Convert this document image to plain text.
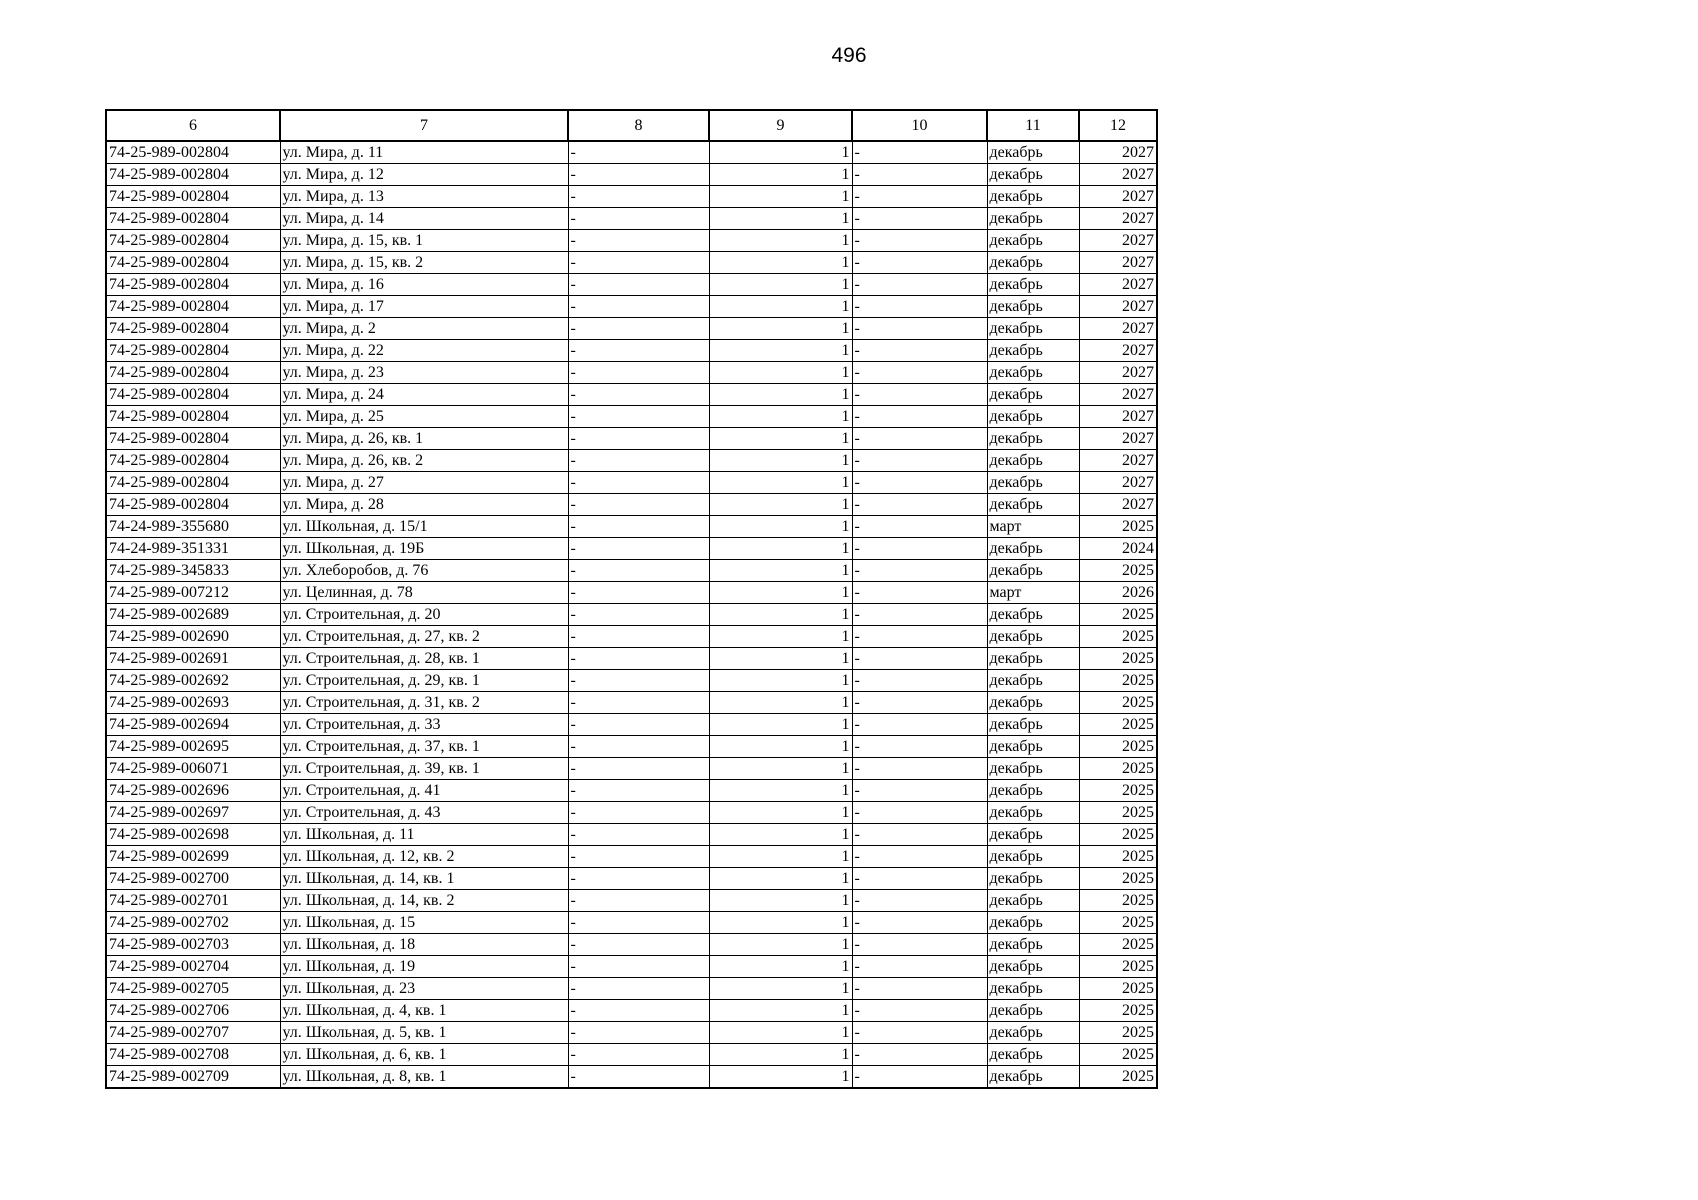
496
6	7	8	9	10	11	12
74-25-989-002804	ул. Мира, д. 11	-	1	-	декабрь	2027
74-25-989-002804	ул. Мира, д. 12	-	1	-	декабрь	2027
74-25-989-002804	ул. Мира, д. 13	-	1	-	декабрь	2027
74-25-989-002804	ул. Мира, д. 14	-	1	-	декабрь	2027
74-25-989-002804	ул. Мира, д. 15, кв. 1	-	1	-	декабрь	2027
74-25-989-002804	ул. Мира, д. 15, кв. 2	-	1	-	декабрь	2027
74-25-989-002804	ул. Мира, д. 16	-	1	-	декабрь	2027
74-25-989-002804	ул. Мира, д. 17	-	1	-	декабрь	2027
74-25-989-002804	ул. Мира, д. 2	-	1	-	декабрь	2027
74-25-989-002804	ул. Мира, д. 22	-	1	-	декабрь	2027
74-25-989-002804	ул. Мира, д. 23	-	1	-	декабрь	2027
74-25-989-002804	ул. Мира, д. 24	-	1	-	декабрь	2027
74-25-989-002804	ул. Мира, д. 25	-	1	-	декабрь	2027
74-25-989-002804	ул. Мира, д. 26, кв. 1	-	1	-	декабрь	2027
74-25-989-002804	ул. Мира, д. 26, кв. 2	-	1	-	декабрь	2027
74-25-989-002804	ул. Мира, д. 27	-	1	-	декабрь	2027
74-25-989-002804	ул. Мира, д. 28	-	1	-	декабрь	2027
74-24-989-355680	ул. Школьная, д. 15/1	-	1	-	март	2025
74-24-989-351331	ул. Школьная, д. 19Б	-	1	-	декабрь	2024
74-25-989-345833	ул. Хлеборобов, д. 76	-	1	-	декабрь	2025
74-25-989-007212	ул. Целинная, д. 78	-	1	-	март	2026
74-25-989-002689	ул. Строительная, д. 20	-	1	-	декабрь	2025
74-25-989-002690	ул. Строительная, д. 27, кв. 2	-	1	-	декабрь	2025
74-25-989-002691	ул. Строительная, д. 28, кв. 1	-	1	-	декабрь	2025
74-25-989-002692	ул. Строительная, д. 29, кв. 1	-	1	-	декабрь	2025
74-25-989-002693	ул. Строительная, д. 31, кв. 2	-	1	-	декабрь	2025
74-25-989-002694	ул. Строительная, д. 33	-	1	-	декабрь	2025
74-25-989-002695	ул. Строительная, д. 37, кв. 1	-	1	-	декабрь	2025
74-25-989-006071	ул. Строительная, д. 39, кв. 1	-	1	-	декабрь	2025
74-25-989-002696	ул. Строительная, д. 41	-	1	-	декабрь	2025
74-25-989-002697	ул. Строительная, д. 43	-	1	-	декабрь	2025
74-25-989-002698	ул. Школьная, д. 11	-	1	-	декабрь	2025
74-25-989-002699	ул. Школьная, д. 12, кв. 2	-	1	-	декабрь	2025
74-25-989-002700	ул. Школьная, д. 14, кв. 1	-	1	-	декабрь	2025
74-25-989-002701	ул. Школьная, д. 14, кв. 2	-	1	-	декабрь	2025
74-25-989-002702	ул. Школьная, д. 15	-	1	-	декабрь	2025
74-25-989-002703	ул. Школьная, д. 18	-	1	-	декабрь	2025
74-25-989-002704	ул. Школьная, д. 19	-	1	-	декабрь	2025
74-25-989-002705	ул. Школьная, д. 23	-	1	-	декабрь	2025
74-25-989-002706	ул. Школьная, д. 4, кв. 1	-	1	-	декабрь	2025
74-25-989-002707	ул. Школьная, д. 5, кв. 1	-	1	-	декабрь	2025
74-25-989-002708	ул. Школьная, д. 6, кв. 1	-	1	-	декабрь	2025
74-25-989-002709	ул. Школьная, д. 8, кв. 1	-	1	-	декабрь	2025
